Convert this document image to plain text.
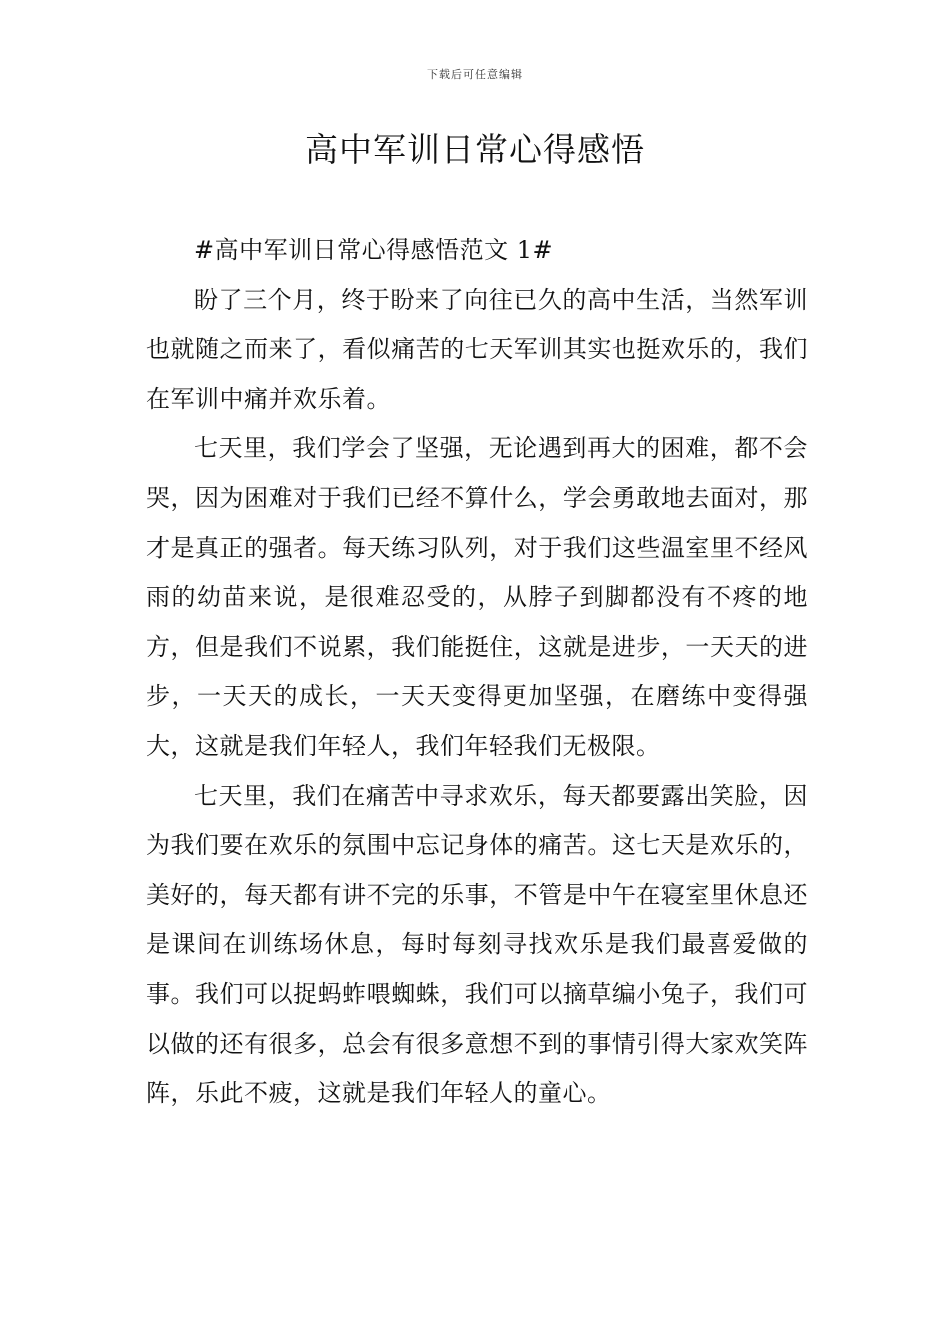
下载后可任意编辑
高中军训日常心得感悟

#高中军训日常心得感悟范文 1#

盼了三个月，终于盼来了向往已久的高中生活，当然军训也就随之而来了，看似痛苦的七天军训其实也挺欢乐的，我们在军训中痛并欢乐着。

七天里，我们学会了坚强，无论遇到再大的困难，都不会哭，因为困难对于我们已经不算什么，学会勇敢地去面对，那才是真正的强者。每天练习队列，对于我们这些温室里不经风雨的幼苗来说，是很难忍受的，从脖子到脚都没有不疼的地方，但是我们不说累，我们能挺住，这就是进步，一天天的进步，一天天的成长，一天天变得更加坚强，在磨练中变得强大，这就是我们年轻人，我们年轻我们无极限。

七天里，我们在痛苦中寻求欢乐，每天都要露出笑脸，因为我们要在欢乐的氛围中忘记身体的痛苦。这七天是欢乐的，美好的，每天都有讲不完的乐事，不管是中午在寝室里休息还是课间在训练场休息，每时每刻寻找欢乐是我们最喜爱做的事。我们可以捉蚂蚱喂蜘蛛，我们可以摘草编小兔子，我们可以做的还有很多，总会有很多意想不到的事情引得大家欢笑阵阵，乐此不疲，这就是我们年轻人的童心。
